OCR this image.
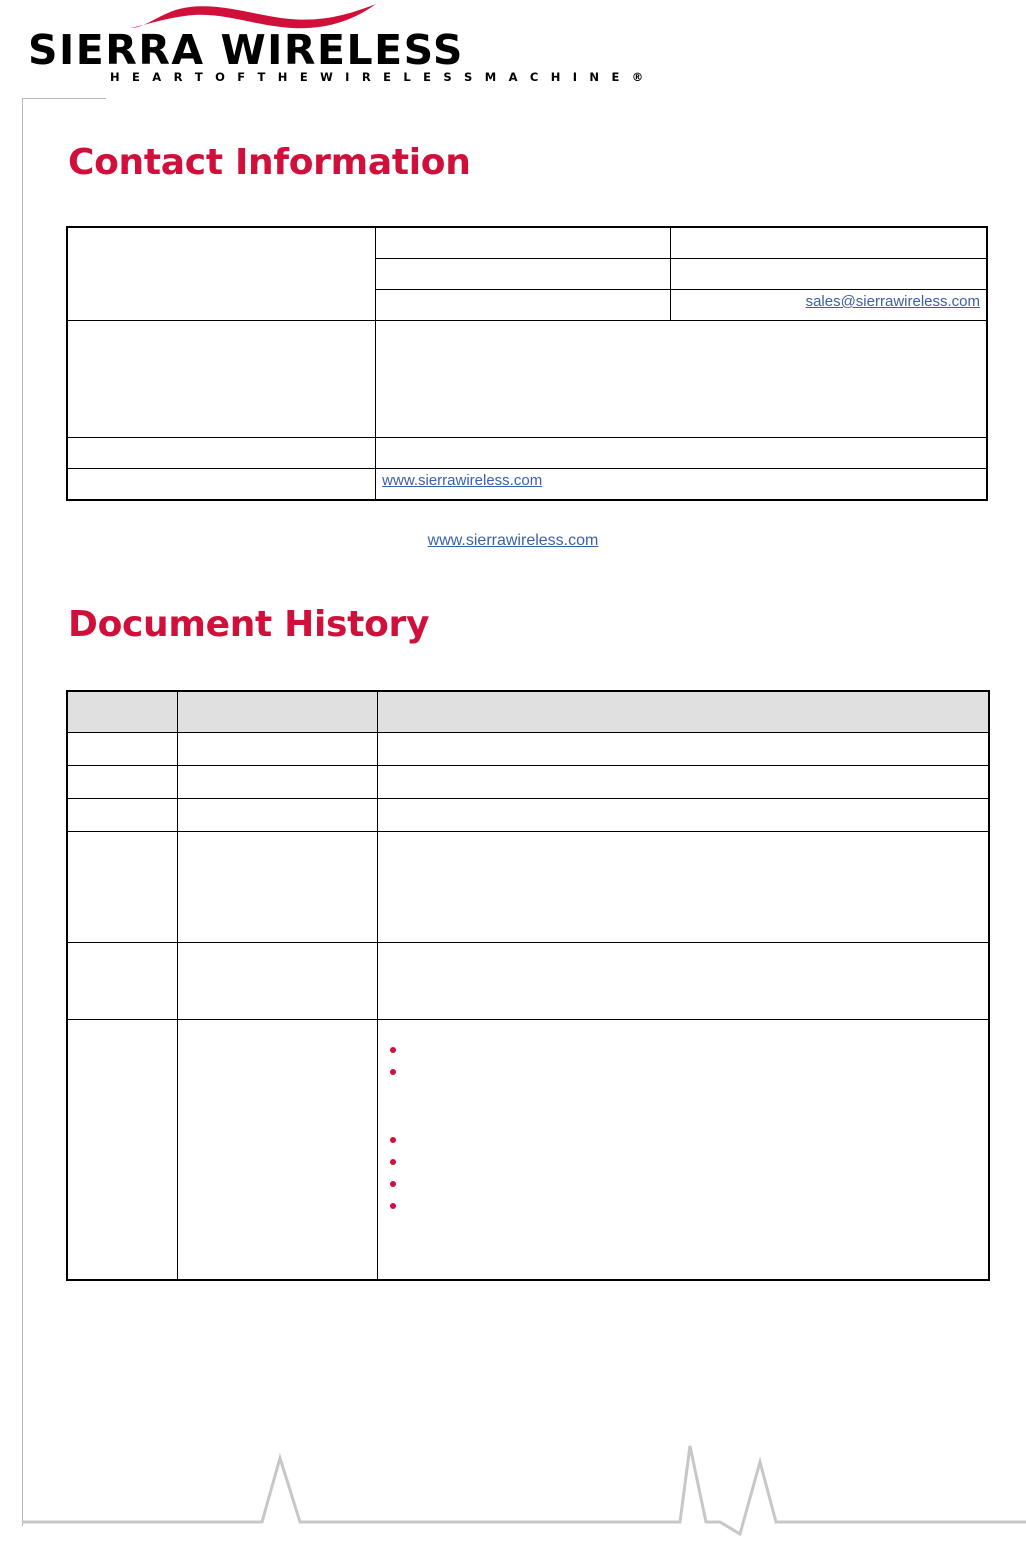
SIERRA WIRELESS
H E A R T O F T H E W I R E L E S S M A C H I N E ®
Contact Information

		sales@sierrawireless.com

	www.sierrawireless.com	
www.sierrawireless.com
Document History
